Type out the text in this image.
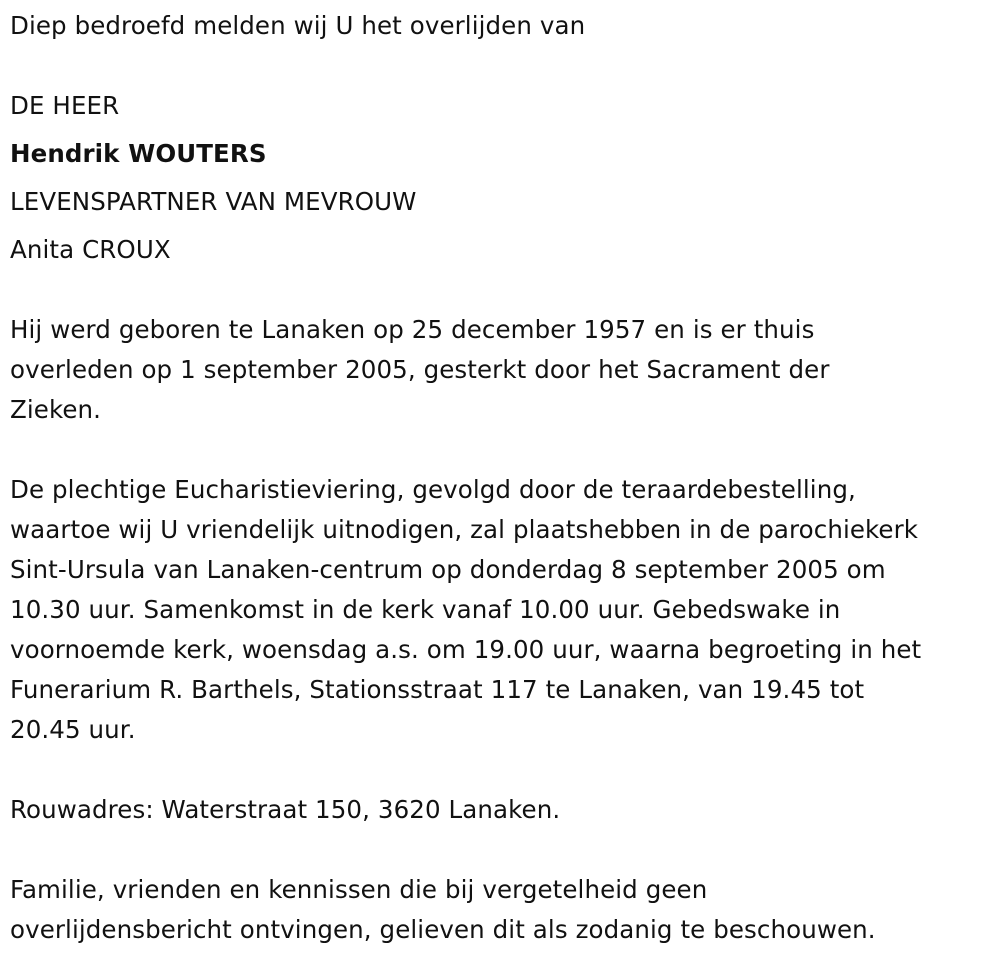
Diep bedroefd melden wij U het overlijden van

DE HEER
Hendrik WOUTERS
LEVENSPARTNER VAN MEVROUW
Anita CROUX

Hij werd geboren te Lanaken op 25 december 1957 en is er thuis
overleden op 1 september 2005, gesterkt door het Sacrament der
Zieken.

De plechtige Eucharistieviering, gevolgd door de teraardebestelling,
waartoe wij U vriendelijk uitnodigen, zal plaatshebben in de parochiekerk
Sint-Ursula van Lanaken-centrum op donderdag 8 september 2005 om
10.30 uur. Samenkomst in de kerk vanaf 10.00 uur. Gebedswake in
voornoemde kerk, woensdag a.s. om 19.00 uur, waarna begroeting in het
Funerarium R. Barthels, Stationsstraat 117 te Lanaken, van 19.45 tot
20.45 uur.

Rouwadres: Waterstraat 150, 3620 Lanaken.

Familie, vrienden en kennissen die bij vergetelheid geen
overlijdensbericht ontvingen, gelieven dit als zodanig te beschouwen.
